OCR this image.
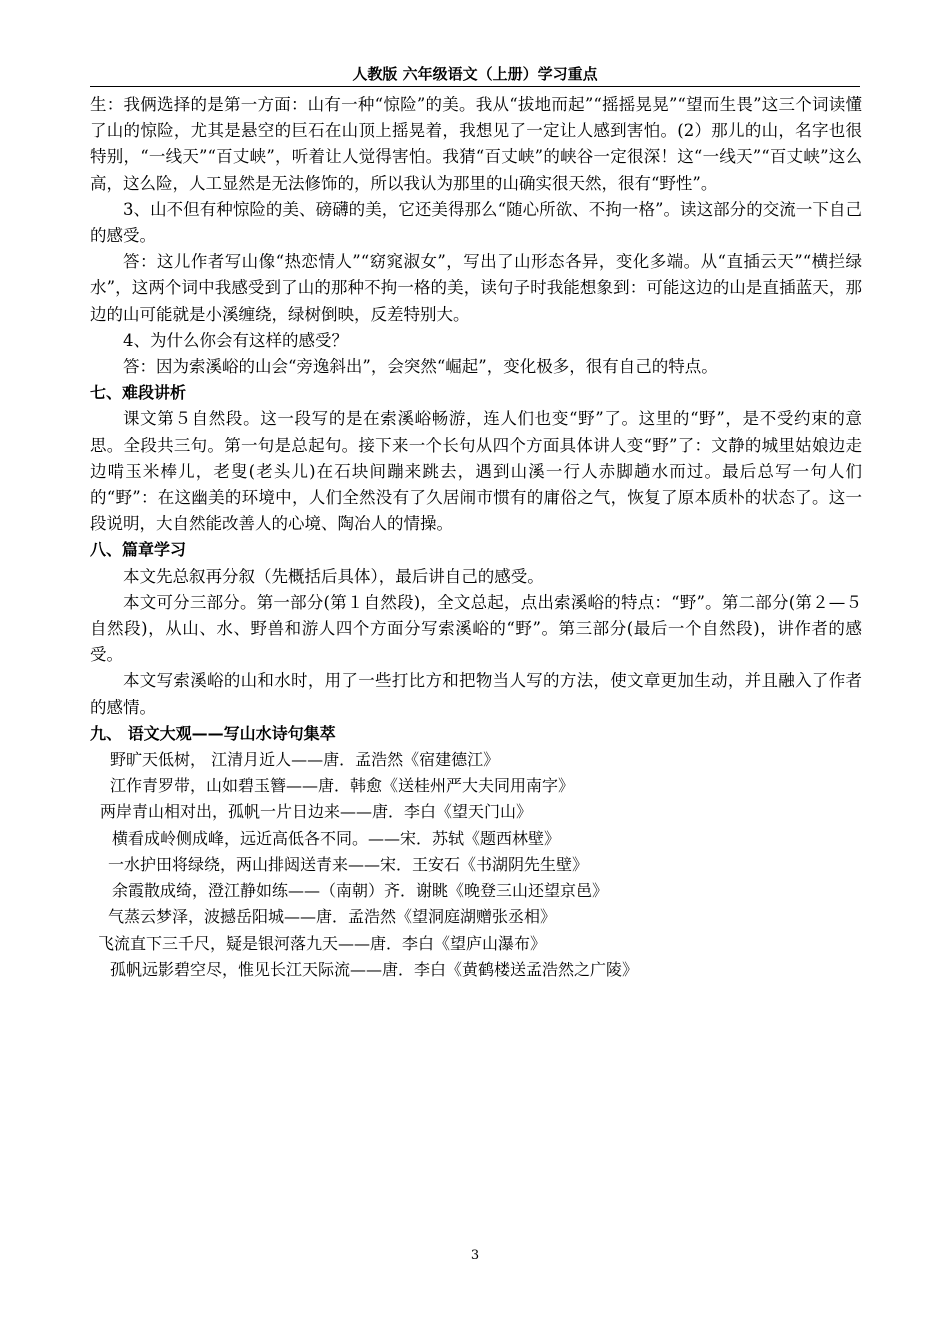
人教版 六年级语文（上册）学习重点

生：我俩选择的是第一方面：山有一种“惊险”的美。我从“拔地而起”“摇摇晃晃”“望而生畏”这三个词读懂了山的惊险，尤其是悬空的巨石在山顶上摇晃着，我想见了一定让人感到害怕。(2）那儿的山，名字也很特别，“一线天”“百丈峡”，听着让人觉得害怕。我猜“百丈峡”的峡谷一定很深！这“一线天”“百丈峡”这么高，这么险，人工显然是无法修饰的，所以我认为那里的山确实很天然，很有“野性”。

3、山不但有种惊险的美、磅礴的美，它还美得那么“随心所欲、不拘一格”。读这部分的交流一下自己的感受。

答：这儿作者写山像“热恋情人”“窈窕淑女”，写出了山形态各异，变化多端。从“直插云天”“横拦绿水”，这两个词中我感受到了山的那种不拘一格的美，读句子时我能想象到：可能这边的山是直插蓝天，那边的山可能就是小溪缠绕，绿树倒映，反差特别大。

4、为什么你会有这样的感受？

答：因为索溪峪的山会“旁逸斜出”，会突然“崛起”，变化极多，很有自己的特点。

七、难段讲析

课文第５自然段。这一段写的是在索溪峪畅游，连人们也变“野”了。这里的“野”，是不受约束的意思。全段共三句。第一句是总起句。接下来一个长句从四个方面具体讲人变“野”了：文静的城里姑娘边走边啃玉米棒儿，老叟(老头儿)在石块间蹦来跳去，遇到山溪一行人赤脚趟水而过。最后总写一句人们的“野”：在这幽美的环境中，人们全然没有了久居闹市惯有的庸俗之气，恢复了原本质朴的状态了。这一段说明，大自然能改善人的心境、陶冶人的情操。

八、篇章学习

本文先总叙再分叙（先概括后具体），最后讲自己的感受。

本文可分三部分。第一部分(第１自然段)，全文总起，点出索溪峪的特点：“野”。第二部分(第２—５自然段)，从山、水、野兽和游人四个方面分写索溪峪的“野”。第三部分(最后一个自然段)，讲作者的感受。

本文写索溪峪的山和水时，用了一些打比方和把物当人写的方法，使文章更加生动，并且融入了作者的感情。

九、 语文大观——写山水诗句集萃

野旷天低树， 江清月近人——唐．孟浩然《宿建德江》

江作青罗带，山如碧玉簪——唐．韩愈《送桂州严大夫同用南字》

两岸青山相对出，孤帆一片日边来——唐．李白《望天门山》

横看成岭侧成峰，远近高低各不同。——宋．苏轼《题西林壁》

一水护田将绿绕，两山排闼送青来——宋．王安石《书湖阴先生壁》

余霞散成绮，澄江静如练——（南朝）齐．谢眺《晚登三山还望京邑》

气蒸云梦泽，波撼岳阳城——唐．孟浩然《望洞庭湖赠张丞相》

飞流直下三千尺，疑是银河落九天——唐．李白《望庐山瀑布》

孤帆远影碧空尽，惟见长江天际流——唐．李白《黄鹤楼送孟浩然之广陵》

3
